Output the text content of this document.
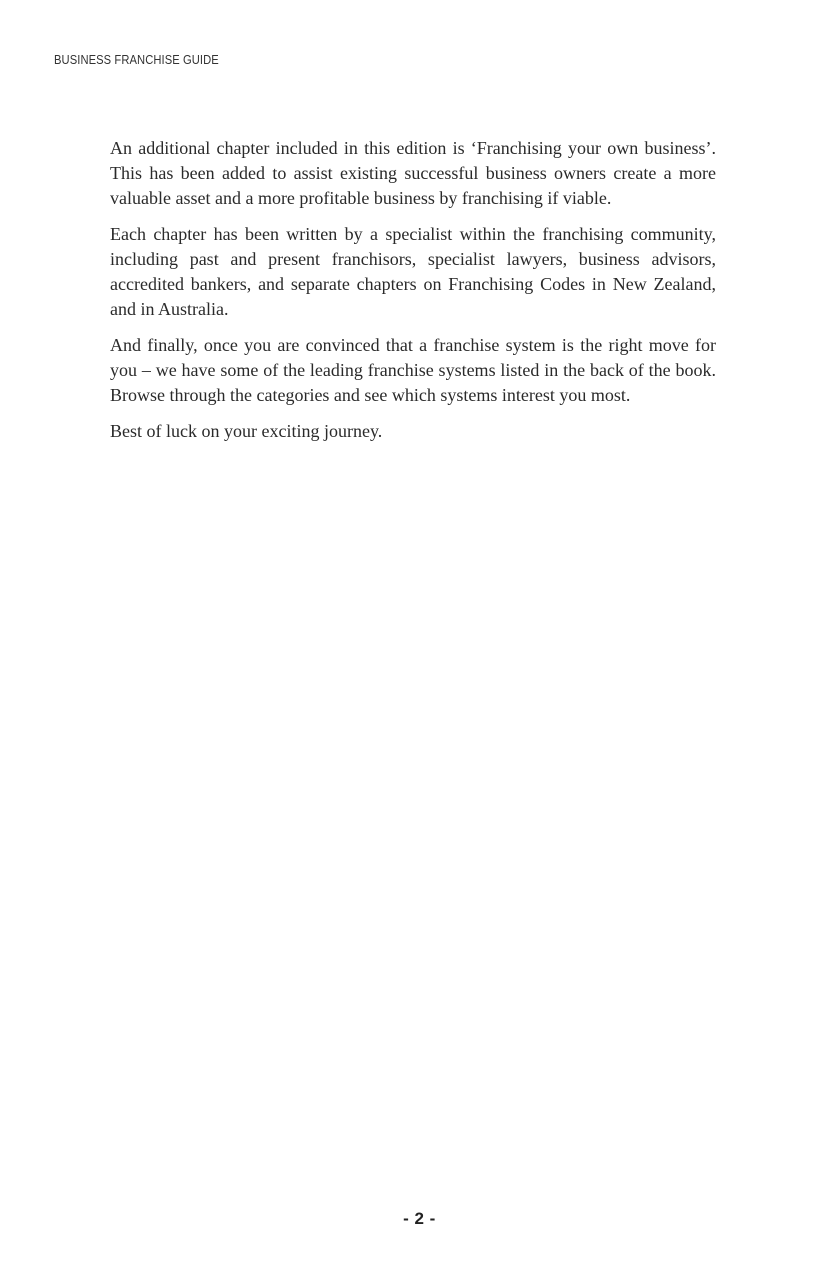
BUSINESS FRANCHISE GUIDE

An additional chapter included in this edition is ‘Franchising your own business’. This has been added to assist existing successful business owners create a more valuable asset and a more profitable business by franchising if viable.

Each chapter has been written by a specialist within the franchising community, including past and present franchisors, specialist lawyers, business advisors, accredited bankers, and separate chapters on Franchising Codes in New Zealand, and in Australia.

And finally, once you are convinced that a franchise system is the right move for you – we have some of the leading franchise systems listed in the back of the book. Browse through the categories and see which systems interest you most.

Best of luck on your exciting journey.

- 2 -
